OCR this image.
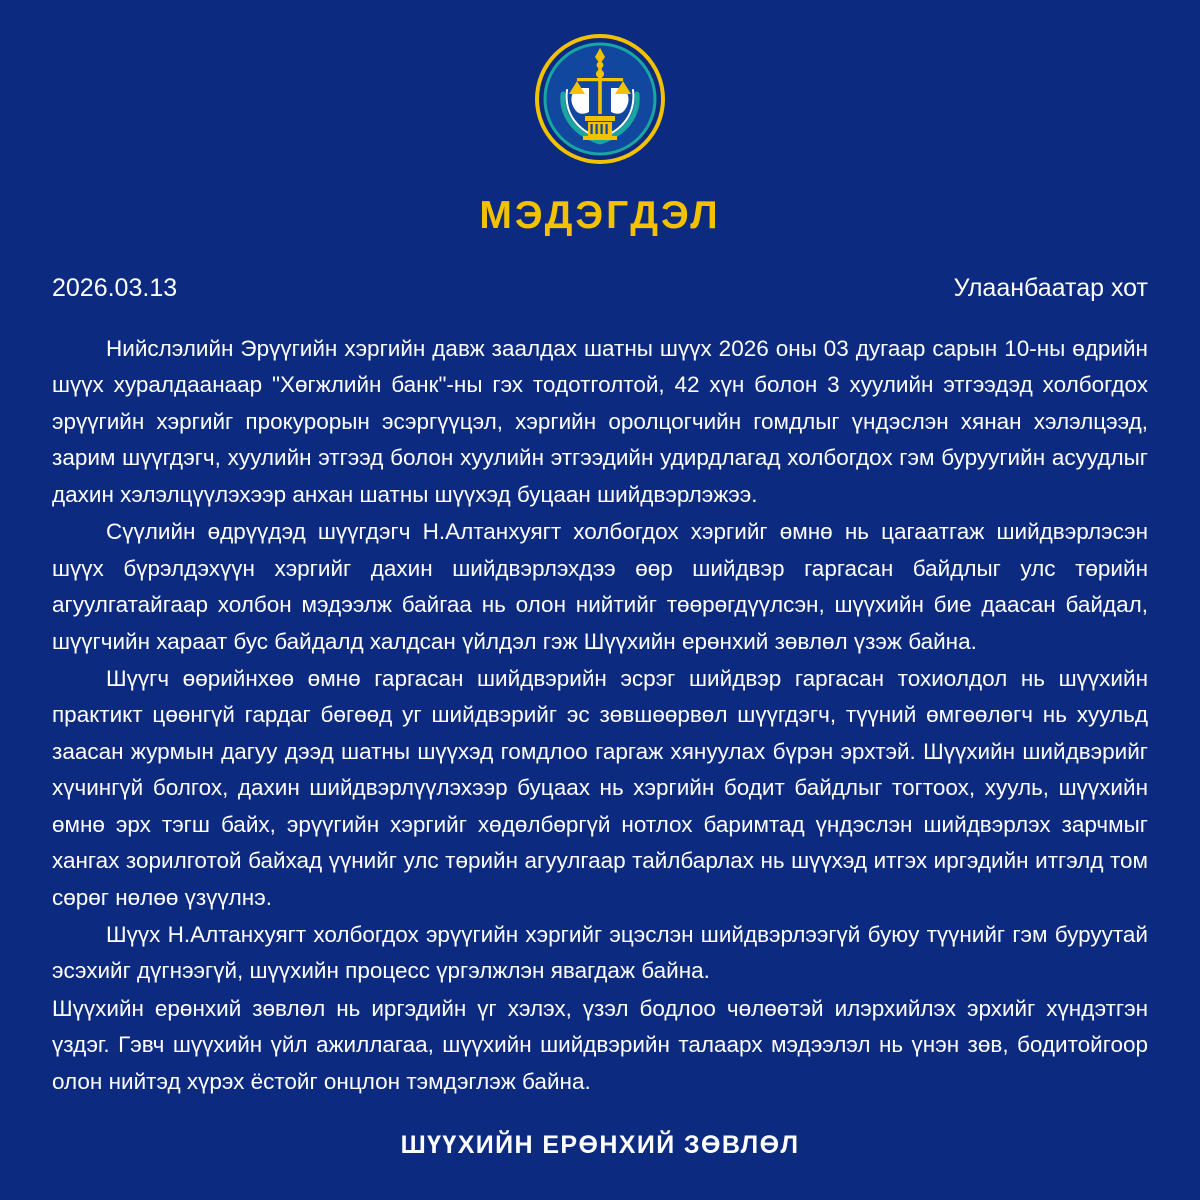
МЭДЭГДЭЛ
2026.03.13	Улаанбаатар хот

Нийслэлийн Эрүүгийн хэргийн давж заалдах шатны шүүх 2026 оны 03 дугаар сарын 10-ны өдрийн шүүх хуралдаанаар "Хөгжлийн банк"-ны гэх тодотголтой, 42 хүн болон 3 хуулийн этгээдэд холбогдох эрүүгийн хэргийг прокурорын эсэргүүцэл, хэргийн оролцогчийн гомдлыг үндэслэн хянан хэлэлцээд, зарим шүүгдэгч, хуулийн этгээд болон хуулийн этгээдийн удирдлагад холбогдох гэм буруугийн асуудлыг дахин хэлэлцүүлэхээр анхан шатны шүүхэд буцаан шийдвэрлэжээ.

Сүүлийн өдрүүдэд шүүгдэгч Н.Алтанхуягт холбогдох хэргийг өмнө нь цагаатгаж шийдвэрлэсэн шүүх бүрэлдэхүүн хэргийг дахин шийдвэрлэхдээ өөр шийдвэр гаргасан байдлыг улс төрийн агуулгатайгаар холбон мэдээлж байгаа нь олон нийтийг төөрөгдүүлсэн, шүүхийн бие даасан байдал, шүүгчийн хараат бус байдалд халдсан үйлдэл гэж Шүүхийн ерөнхий зөвлөл үзэж байна.

Шүүгч өөрийнхөө өмнө гаргасан шийдвэрийн эсрэг шийдвэр гаргасан тохиолдол нь шүүхийн практикт цөөнгүй гардаг бөгөөд уг шийдвэрийг эс зөвшөөрвөл шүүгдэгч, түүний өмгөөлөгч нь хуульд заасан журмын дагуу дээд шатны шүүхэд гомдлоо гаргаж хянуулах бүрэн эрхтэй. Шүүхийн шийдвэрийг хүчингүй болгох, дахин шийдвэрлүүлэхээр буцаах нь хэргийн бодит байдлыг тогтоох, хууль, шүүхийн өмнө эрх тэгш байх, эрүүгийн хэргийг хөдөлбөргүй нотлох баримтад үндэслэн шийдвэрлэх зарчмыг хангах зорилготой байхад үүнийг улс төрийн агуулгаар тайлбарлах нь шүүхэд итгэх иргэдийн итгэлд том сөрөг нөлөө үзүүлнэ.

Шүүх Н.Алтанхуягт холбогдох эрүүгийн хэргийг эцэслэн шийдвэрлээгүй буюу түүнийг гэм буруутай эсэхийг дүгнээгүй, шүүхийн процесс үргэлжлэн явагдаж байна.

Шүүхийн ерөнхий зөвлөл нь иргэдийн үг хэлэх, үзэл бодлоо чөлөөтэй илэрхийлэх эрхийг хүндэтгэн үздэг. Гэвч шүүхийн үйл ажиллагаа, шүүхийн шийдвэрийн талаарх мэдээлэл нь үнэн зөв, бодитойгоор олон нийтэд хүрэх ёстойг онцлон тэмдэглэж байна.

ШҮҮХИЙН ЕРӨНХИЙ ЗӨВЛӨЛ
